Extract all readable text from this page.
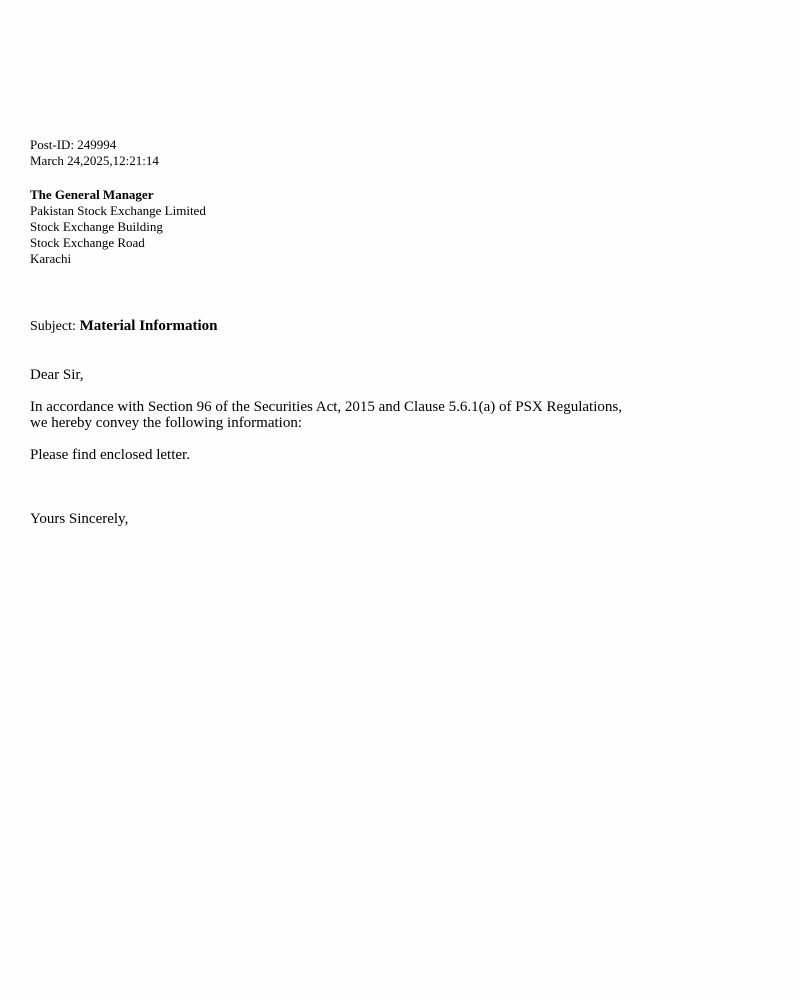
Post-ID: 249994

March 24,2025,12:21:14

The General Manager

Pakistan Stock Exchange Limited

Stock Exchange Building

Stock Exchange Road

Karachi

Subject: Material Information

Dear Sir,

In accordance with Section 96 of the Securities Act, 2015 and Clause 5.6.1(a) of PSX Regulations,

we hereby convey the following information:

Please find enclosed letter.

Yours Sincerely,
